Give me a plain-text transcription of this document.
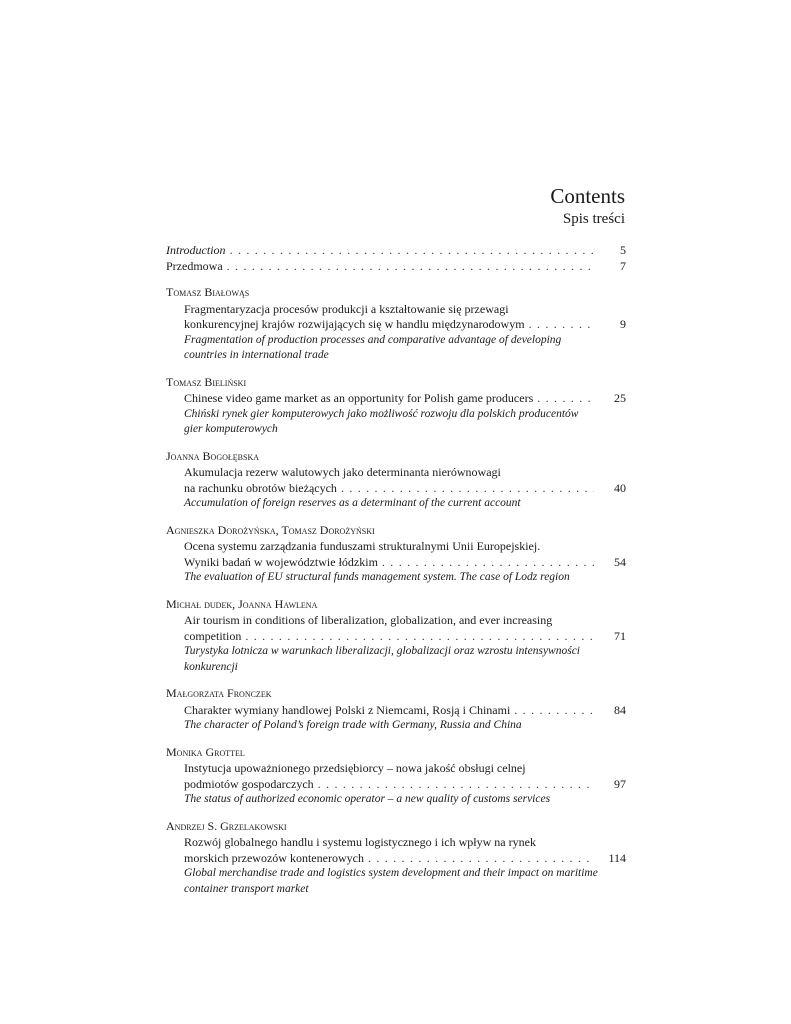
Contents
Spis treści
Introduction . . .	5
Przedmowa . . .	7
Tomasz Białowąs
Fragmentaryzacja procesów produkcji a kształtowanie się przewagi
konkurencyjnej krajów rozwijających się w handlu międzynarodowym . . .	9
Fragmentation of production processes and comparative advantage of developing
countries in international trade
Tomasz Bieliński
Chinese video game market as an opportunity for Polish game producers . . .	25
Chiński rynek gier komputerowych jako możliwość rozwoju dla polskich producentów
gier komputerowych
Joanna Bogołębska
Akumulacja rezerw walutowych jako determinanta nierównowagi
na rachunku obrotów bieżących . . .	40
Accumulation of foreign reserves as a determinant of the current account
Agnieszka Dorożyńska, Tomasz Dorożyński
Ocena systemu zarządzania funduszami strukturalnymi Unii Europejskiej.
Wyniki badań w województwie łódzkim . . .	54
The evaluation of EU structural funds management system. The case of Lodz region
Michał dudek, Joanna Hawlena
Air tourism in conditions of liberalization, globalization, and ever increasing
competition . . .	71
Turystyka lotnicza w warunkach liberalizacji, globalizacji oraz wzrostu intensywności
konkurencji
Małgorzata Fronczek
Charakter wymiany handlowej Polski z Niemcami, Rosją i Chinami . . .	84
The character of Poland’s foreign trade with Germany, Russia and China
Monika Grottel
Instytucja upoważnionego przedsiębiorcy – nowa jakość obsługi celnej
podmiotów gospodarczych . . .	97
The status of authorized economic operator – a new quality of customs services
Andrzej S. Grzelakowski
Rozwój globalnego handlu i systemu logistycznego i ich wpływ na rynek
morskich przewozów kontenerowych . . .	114
Global merchandise trade and logistics system development and their impact on maritime
container transport market
